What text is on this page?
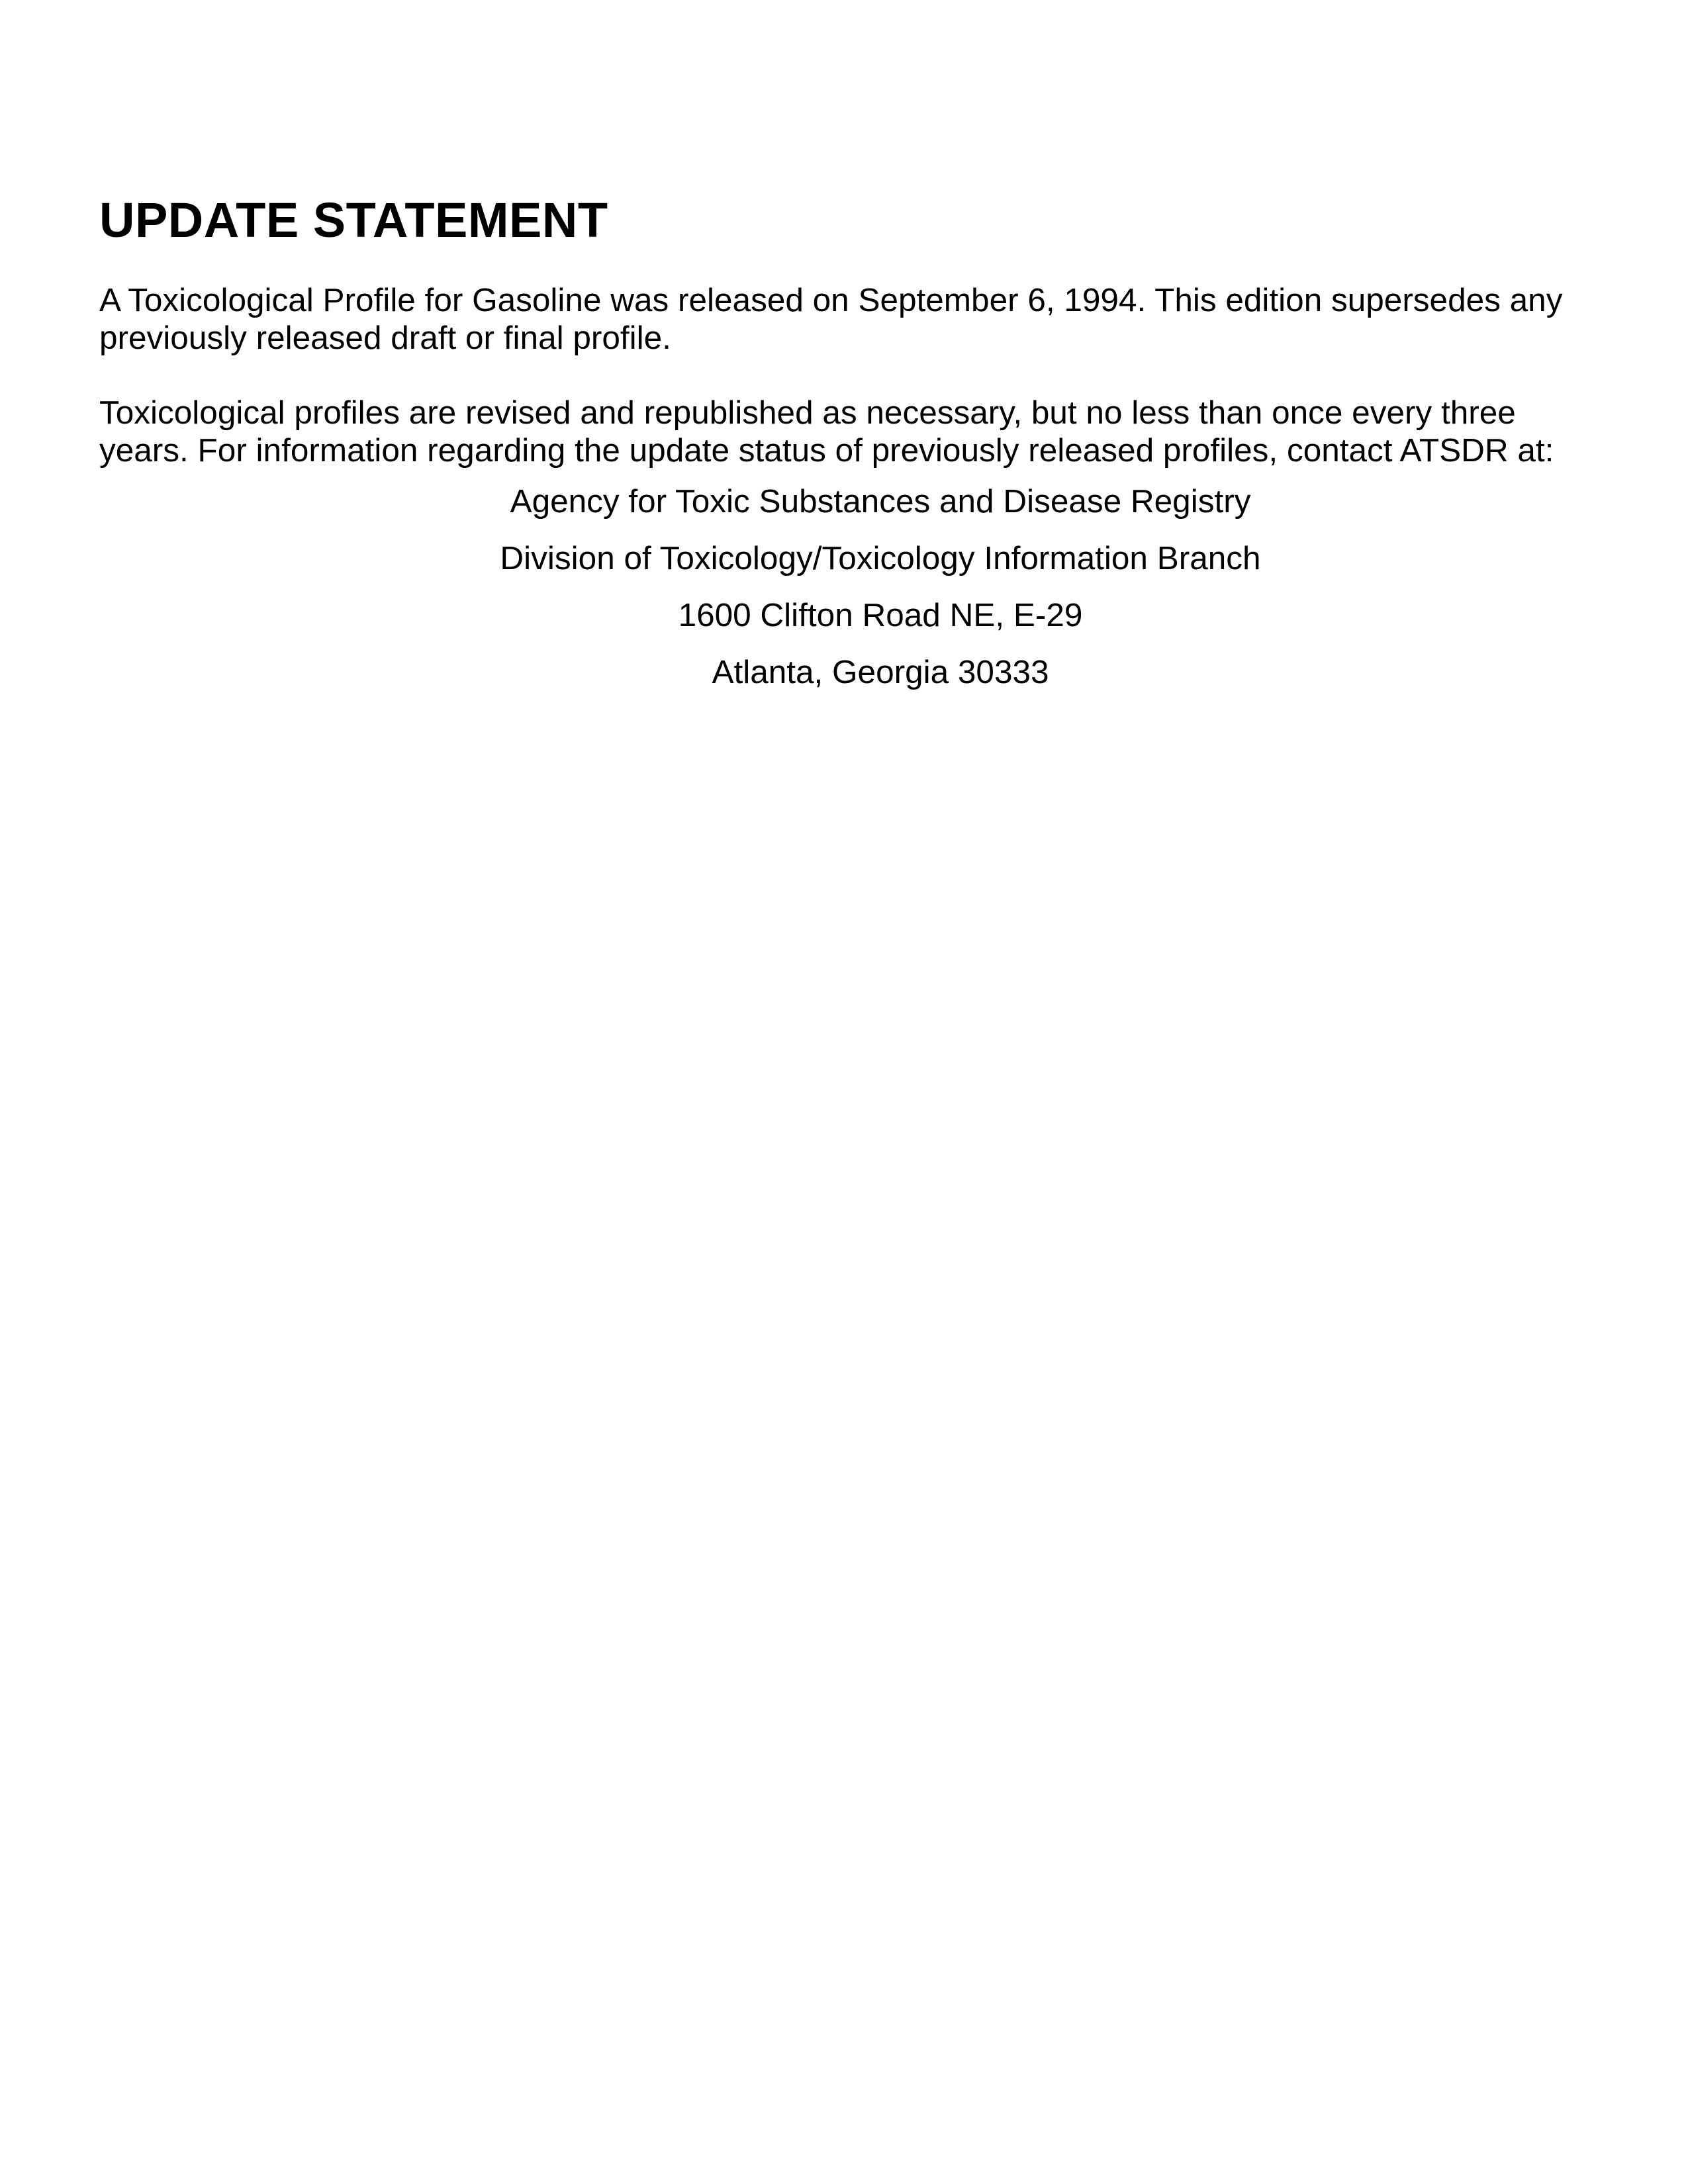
UPDATE STATEMENT

A Toxicological Profile for Gasoline was released on September 6, 1994. This edition supersedes any previously released draft or final profile.

Toxicological profiles are revised and republished as necessary, but no less than once every three years. For information regarding the update status of previously released profiles, contact ATSDR at:

Agency for Toxic Substances and Disease Registry

Division of Toxicology/Toxicology Information Branch

1600 Clifton Road NE, E-29

Atlanta, Georgia 30333
